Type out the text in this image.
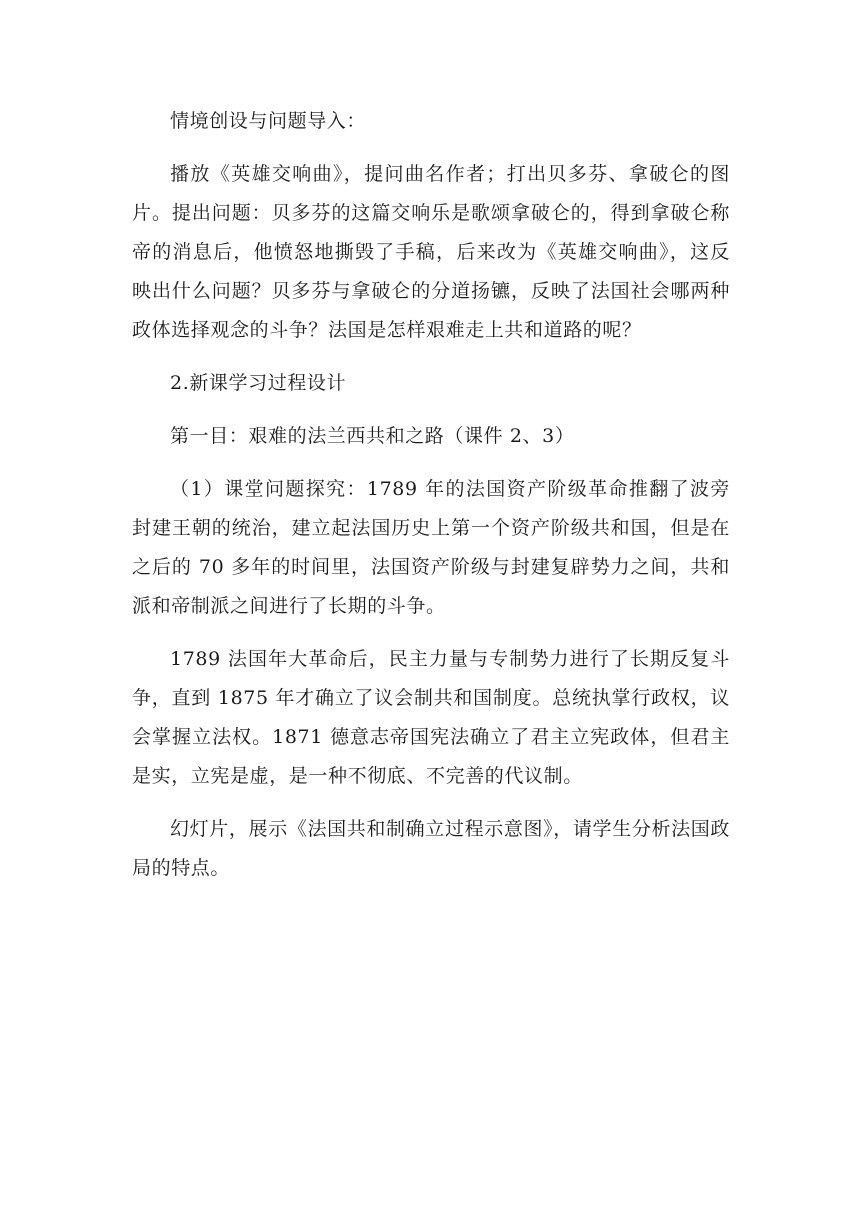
情境创设与问题导入：

播放《英雄交响曲》，提问曲名作者；打出贝多芬、拿破仑的图片。提出问题：贝多芬的这篇交响乐是歌颂拿破仑的，得到拿破仑称帝的消息后，他愤怒地撕毁了手稿，后来改为《英雄交响曲》，这反映出什么问题？贝多芬与拿破仑的分道扬镳，反映了法国社会哪两种政体选择观念的斗争？法国是怎样艰难走上共和道路的呢？

2.新课学习过程设计

第一目：艰难的法兰西共和之路（课件 2、3）

（1）课堂问题探究：1789 年的法国资产阶级革命推翻了波旁封建王朝的统治，建立起法国历史上第一个资产阶级共和国，但是在之后的 70 多年的时间里，法国资产阶级与封建复辟势力之间，共和派和帝制派之间进行了长期的斗争。

1789 法国年大革命后，民主力量与专制势力进行了长期反复斗争，直到 1875 年才确立了议会制共和国制度。总统执掌行政权，议会掌握立法权。1871 德意志帝国宪法确立了君主立宪政体，但君主是实，立宪是虚，是一种不彻底、不完善的代议制。

幻灯片，展示《法国共和制确立过程示意图》，请学生分析法国政局的特点。
